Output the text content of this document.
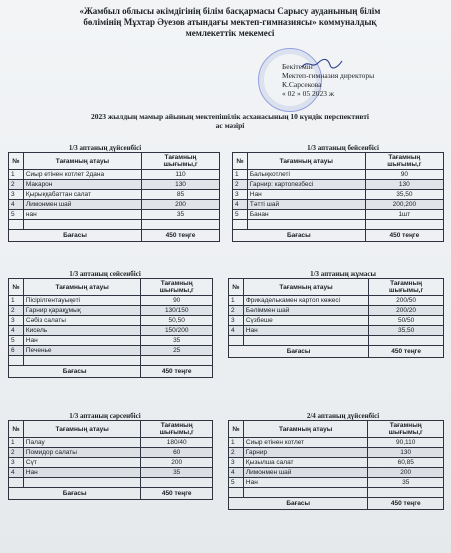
«Жамбыл облысы әкімдігінің білім басқармасы Сарысу ауданының білім
бөлімінің Мұхтар Әуезов атындағы мектеп-гимназиясы» коммуналдық
мемлекеттік мекемесі
Бекітемін
Мектеп-гимназия директоры
К.Сарсекова
« 02 » 05 2023 ж
2023 жылдың мамыр айының мектепішілік асханасының 10 күндік перспективті
ас мәзірі
1/3 аптаның дүйсенбісі
№	Тағамның атауы	Тағамның
шығымы,г

1	Сиыр етінен котлет 2дана	110
2	Макарон	130
3	Қырыққабаттан салат	85
4	Лимонмен шай	200
5	нан	35

Бағасы		450 теңге
1/3 аптаның бейсенбісі
№	Тағамның атауы	Тағамның
шығымы,г

1	Балықкотлеті	90
2	Гарнир: картопезбесі	130
3	Нан	35,50
4	Тәтті шай	200,200
5	Банан	1шт

Бағасы		450 теңге
1/3 аптаның сейсенбісі
№	Тағамның атауы	Тағамның
шығымы,г

1	Пісірілгентауықеті	90
2	Гарнир қарақұмық	130/150
3	Сәбіз салаты	50,50
4	Кисель	150/200
5	Нан	35
6	Печенье	25

Бағасы		450 теңге
1/3 аптаның жұмасы
№	Тағамның атауы	Тағамның
шығымы,г

1	Фрикаделькамен картоп көжесі	200/50
2	Бәліммен шай	200/20
3	Сүзбеше	50/50
4	Нан	35,50

Бағасы		450 теңге
1/3 аптаның сәрсенбісі
№	Тағамның атауы	Тағамның
шығымы,г

1	Палау	180/40
2	Помидор салаты	60
3	Сүт	200
4	Нан	35

Бағасы		450 теңге
2/4 аптаның дүйсенбісі
№	Тағамның атауы	Тағамның
шығымы,г

1	Сиыр етінен котлет	90,110
2	Гарнир	130
3	Қызылша салат	60,85
4	Лимонмен шай	200
5	Нан	35

Бағасы		450 теңге
